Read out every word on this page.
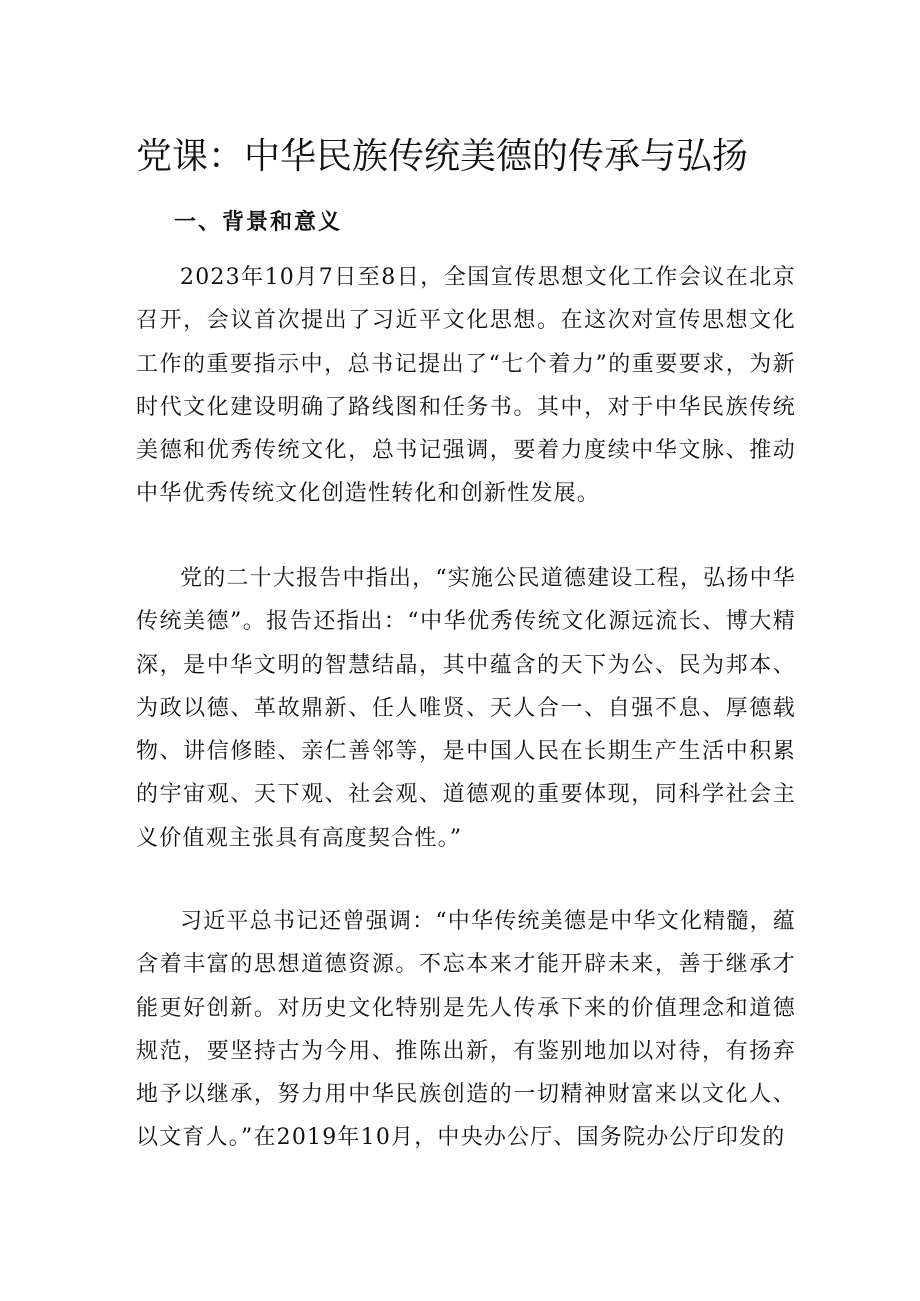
党课：中华民族传统美德的传承与弘扬
一、背景和意义

2023年10月7日至8日，全国宣传思想文化工作会议在北京召开，会议首次提出了习近平文化思想。在这次对宣传思想文化工作的重要指示中，总书记提出了“七个着力”的重要要求，为新时代文化建设明确了路线图和任务书。其中，对于中华民族传统美德和优秀传统文化，总书记强调，要着力度续中华文脉、推动中华优秀传统文化创造性转化和创新性发展。

党的二十大报告中指出，“实施公民道德建设工程，弘扬中华传统美德”。报告还指出：“中华优秀传统文化源远流长、博大精深，是中华文明的智慧结晶，其中蕴含的天下为公、民为邦本、为政以德、革故鼎新、任人唯贤、天人合一、自强不息、厚德载物、讲信修睦、亲仁善邻等，是中国人民在长期生产生活中积累的宇宙观、天下观、社会观、道德观的重要体现，同科学社会主义价值观主张具有高度契合性。”

习近平总书记还曾强调：“中华传统美德是中华文化精髓，蕴含着丰富的思想道德资源。不忘本来才能开辟未来，善于继承才能更好创新。对历史文化特别是先人传承下来的价值理念和道德规范，要坚持古为今用、推陈出新，有鉴别地加以对待，有扬弃地予以继承，努力用中华民族创造的一切精神财富来以文化人、以文育人。”在2019年10月，中央办公厅、国务院办公厅印发的
